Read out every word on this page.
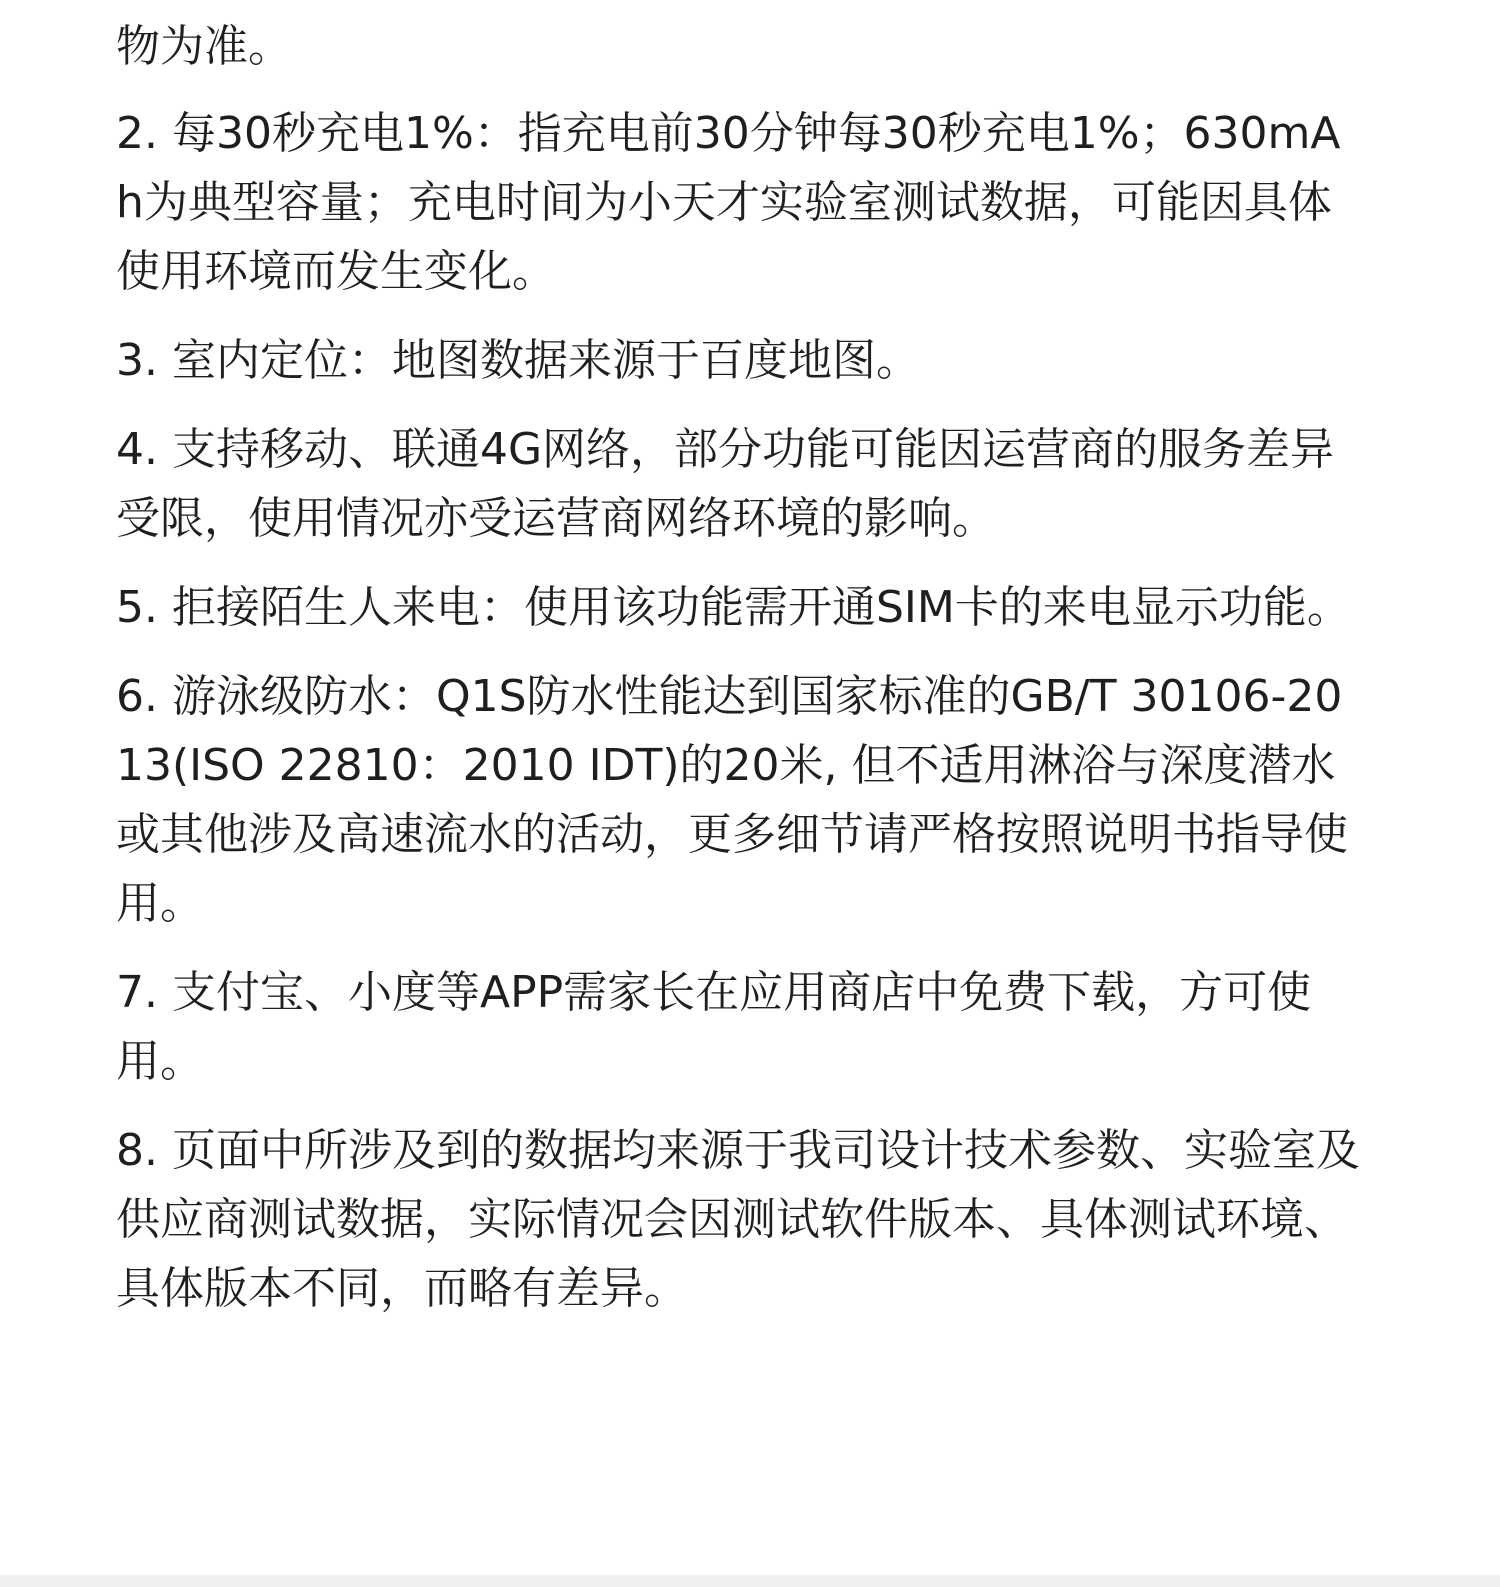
物为准。

2. 每30秒充电1%：指充电前30分钟每30秒充电1%；630mAh为典型容量；充电时间为小天才实验室测试数据，可能因具体使用环境而发生变化。

3. 室内定位：地图数据来源于百度地图。

4. 支持移动、联通4G网络，部分功能可能因运营商的服务差异受限，使用情况亦受运营商网络环境的影响。

5. 拒接陌生人来电：使用该功能需开通SIM卡的来电显示功能。

6. 游泳级防水：Q1S防水性能达到国家标准的GB/T 30106-2013(ISO 22810：2010 IDT)的20米, 但不适用淋浴与深度潜水或其他涉及高速流水的活动，更多细节请严格按照说明书指导使用。

7. 支付宝、小度等APP需家长在应用商店中免费下载，方可使用。

8. 页面中所涉及到的数据均来源于我司设计技术参数、实验室及供应商测试数据，实际情况会因测试软件版本、具体测试环境、具体版本不同，而略有差异。
